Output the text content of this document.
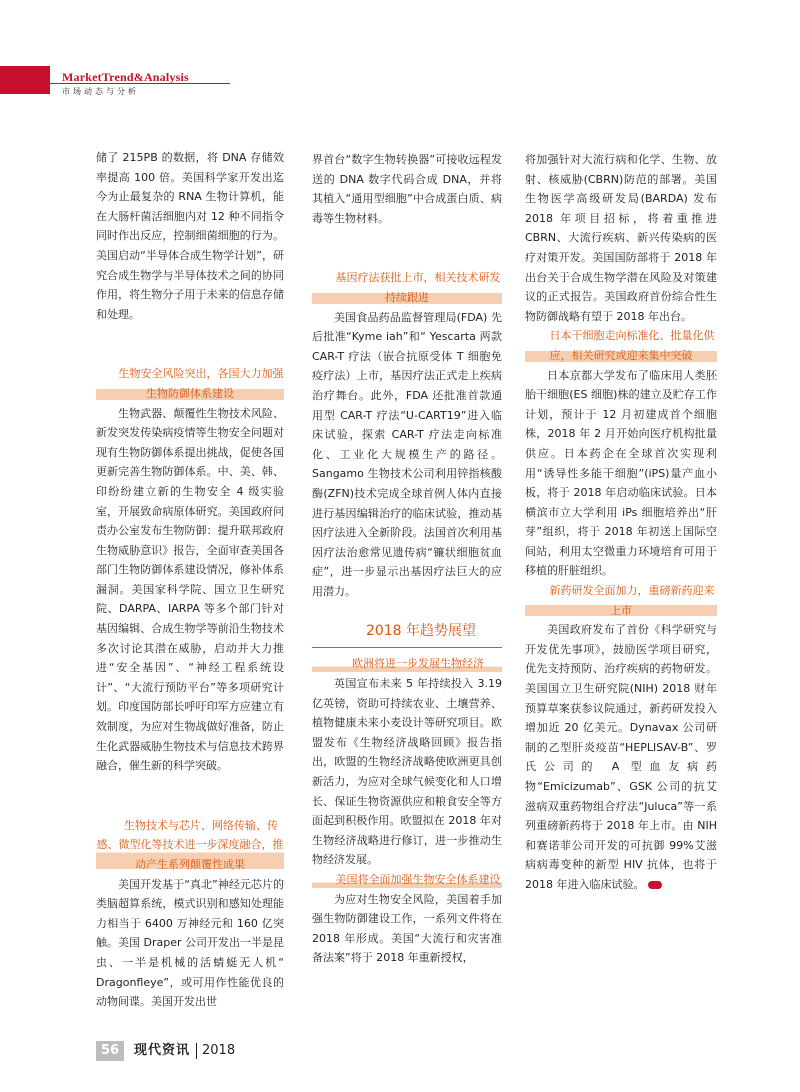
MarketTrend&Analysis
市场动态与分析

储了 215PB 的数据，将 DNA 存储效率提高 100 倍。美国科学家开发出迄今为止最复杂的 RNA 生物计算机，能在大肠杆菌活细胞内对 12 种不同指令同时作出反应，控制细菌细胞的行为。美国启动“半导体合成生物学计划”，研究合成生物学与半导体技术之间的协同作用，将生物分子用于未来的信息存储和处理。

生物安全风险突出，各国大力加强生物防御体系建设

生物武器、颠覆性生物技术风险、新发突发传染病疫情等生物安全问题对现有生物防御体系提出挑战，促使各国更新完善生物防御体系。中、美、韩、印纷纷建立新的生物安全 4 级实验室，开展致命病原体研究。美国政府问责办公室发布生物防御：提升联邦政府生物威胁意识》报告，全面审查美国各部门生物防御体系建设情况，修补体系漏洞。美国家科学院、国立卫生研究院、DARPA、IARPA 等多个部门针对基因编辑、合成生物学等前沿生物技术多次讨论其潜在威胁，启动并大力推进“安全基因”、“神经工程系统设计”、“大流行预防平台”等多项研究计划。印度国防部长呼吁印军方应建立有效制度，为应对生物战做好准备，防止生化武器威胁生物技术与信息技术跨界融合，催生新的科学突破。

生物技术与芯片、网络传输、传感、微型化等技术进一步深度融合，推动产生系列颠覆性成果

美国开发基于“真北”神经元芯片的类脑超算系统，模式识别和感知处理能力相当于 6400 万神经元和 160 亿突触。美国 Draper 公司开发出一半是昆虫、一半是机械的活蜻蜓无人机“ Dragonfleye”，或可用作性能优良的动物间谍。美国开发出世

界首台“数字生物转换器”可接收远程发送的 DNA 数字代码合成 DNA，并将其植入“通用型细胞”中合成蛋白质、病毒等生物材料。

基因疗法获批上市，相关技术研发持续跟进

美国食品药品监督管理局(FDA) 先后批准“Kyme iah”和“ Yescarta 两款 CAR-T 疗法（嵌合抗原受体 T 细胞免疫疗法）上市，基因疗法正式走上疾病治疗舞台。此外，FDA 还批准首款通用型 CAR-T 疗法“U-CART19”进入临床试验，探索 CAR-T 疗法走向标准化、工业化大规模生产的路径。Sangamo 生物技术公司利用锌指核酸酶(ZFN)技术完成全球首例人体内直接进行基因编辑治疗的临床试验，推动基因疗法进入全新阶段。法国首次利用基因疗法治愈常见遗传病“镰状细胞贫血症”，进一步显示出基因疗法巨大的应用潜力。

2018 年趋势展望

欧洲将进一步发展生物经济

英国宣布未来 5 年持续投入 3.19 亿英镑，资助可持续农业、土壤营养、植物健康未来小麦设计等研究项目。欧盟发布《生物经济战略回顾》报告指出，欧盟的生物经济战略使欧洲更具创新活力，为应对全球气候变化和人口增长、保证生物资源供应和粮食安全等方面起到积极作用。欧盟拟在 2018 年对生物经济战略进行修订，进一步推动生物经济发展。

美国将全面加强生物安全体系建设

为应对生物安全风险，美国着手加强生物防御建设工作，一系列文件将在 2018 年形成。美国“大流行和灾害准备法案”将于 2018 年重新授权，

将加强针对大流行病和化学、生物、放射、核威胁(CBRN)防范的部署。美国生物医学高级研发局(BARDA) 发布 2018 年项目招标，将着重推进 CBRN、大流行疾病、新兴传染病的医疗对策开发。美国国防部将于 2018 年出台关于合成生物学潜在风险及对策建议的正式报告。美国政府首份综合性生物防御战略有望于 2018 年出台。

日本干细胞走向标准化、批量化供应，相关研究或迎来集中突破

日本京都大学发布了临床用人类胚胎干细胞(ES 细胞)株的建立及贮存工作计划，预计于 12 月初建成首个细胞株，2018 年 2 月开始向医疗机构批量供应。日本药企在全球首次实现利用“诱导性多能干细胞”(iPS)量产血小板，将于 2018 年启动临床试验。日本横滨市立大学利用 iPs 细胞培养出“肝芽”组织，将于 2018 年初送上国际空间站，利用太空微重力环境培育可用于移植的肝脏组织。

新药研发全面加力，重磅新药迎来上市

美国政府发布了首份《科学研究与开发优先事项》，鼓励医学项目研究，优先支持预防、治疗疾病的药物研发。美国国立卫生研究院(NIH) 2018 财年预算草案获参议院通过，新药研发投入增加近 20 亿美元。Dynavax 公司研制的乙型肝炎疫苗“HEPLISAV-B”、罗氏公司的 A 型血友病药物“Emicizumab”、GSK 公司的抗艾滋病双重药物组合疗法“Juluca”等一系列重磅新药将于 2018 年上市。由 NIH 和赛诺菲公司开发的可抗御 99%艾滋病病毒变种的新型 HIV 抗体，也将于 2018 年进入临床试验。

56	现代资讯 2018
